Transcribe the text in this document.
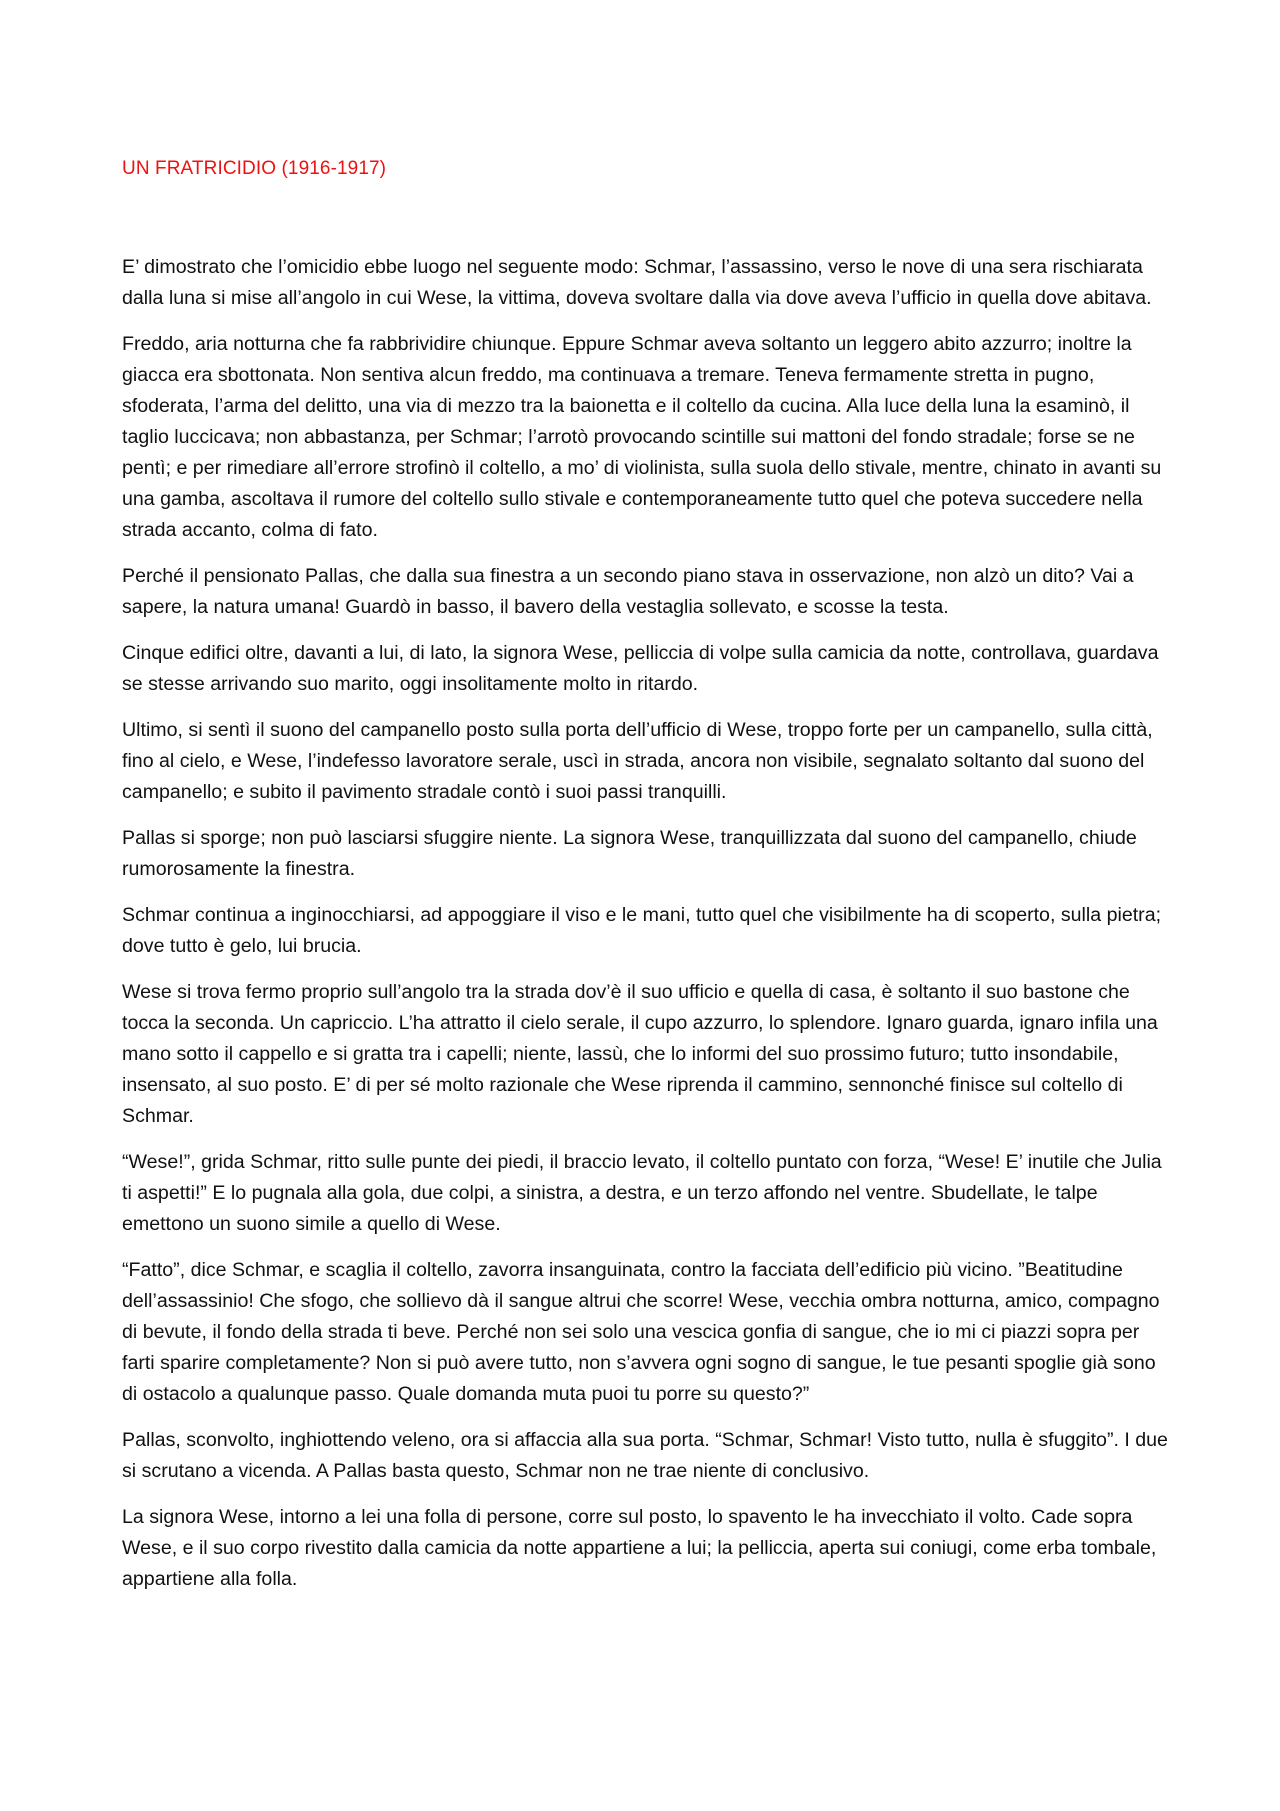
UN FRATRICIDIO (1916-1917)

E’ dimostrato che l’omicidio ebbe luogo nel seguente modo: Schmar, l’assassino, verso le nove di una sera rischiarata dalla luna si mise all’angolo in cui Wese, la vittima, doveva svoltare dalla via dove aveva l’ufficio in quella dove abitava.

Freddo, aria notturna che fa rabbrividire chiunque. Eppure Schmar aveva soltanto un leggero abito azzurro; inoltre la giacca era sbottonata. Non sentiva alcun freddo, ma continuava a tremare. Teneva fermamente stretta in pugno, sfoderata, l’arma del delitto, una via di mezzo tra la baionetta e il coltello da cucina. Alla luce della luna la esaminò, il taglio luccicava; non abbastanza, per Schmar; l’arrotò provocando scintille sui mattoni del fondo stradale; forse se ne pentì; e per rimediare all’errore strofinò il coltello, a mo’ di violinista, sulla suola dello stivale, mentre, chinato in avanti su una gamba, ascoltava il rumore del coltello sullo stivale e contemporaneamente tutto quel che poteva succedere nella strada accanto, colma di fato.

Perché il pensionato Pallas, che dalla sua finestra a un secondo piano stava in osservazione, non alzò un dito? Vai a sapere, la natura umana! Guardò in basso, il bavero della vestaglia sollevato, e scosse la testa.

Cinque edifici oltre, davanti a lui, di lato, la signora Wese, pelliccia di volpe sulla camicia da notte, controllava, guardava se stesse arrivando suo marito, oggi insolitamente molto in ritardo.

Ultimo, si sentì il suono del campanello posto sulla porta dell’ufficio di Wese, troppo forte per un campanello, sulla città, fino al cielo, e Wese, l’indefesso lavoratore serale, uscì in strada, ancora non visibile, segnalato soltanto dal suono del campanello; e subito il pavimento stradale contò i suoi passi tranquilli.

Pallas si sporge; non può lasciarsi sfuggire niente. La signora Wese, tranquillizzata dal suono del campanello, chiude rumorosamente la finestra.

Schmar continua a inginocchiarsi, ad appoggiare il viso e le mani, tutto quel che visibilmente ha di scoperto, sulla pietra; dove tutto è gelo, lui brucia.

Wese si trova fermo proprio sull’angolo tra la strada dov’è il suo ufficio e quella di casa, è soltanto il suo bastone che tocca la seconda. Un capriccio. L’ha attratto il cielo serale, il cupo azzurro, lo splendore. Ignaro guarda, ignaro infila una mano sotto il cappello e si gratta tra i capelli; niente, lassù, che lo informi del suo prossimo futuro; tutto insondabile, insensato, al suo posto. E’ di per sé molto razionale che Wese riprenda il cammino, sennonché finisce sul coltello di Schmar.

“Wese!”, grida Schmar, ritto sulle punte dei piedi, il braccio levato, il coltello puntato con forza, “Wese! E’ inutile che Julia ti aspetti!” E lo pugnala alla gola, due colpi, a sinistra, a destra, e un terzo affondo nel ventre. Sbudellate, le talpe emettono un suono simile a quello di Wese.

“Fatto”, dice Schmar, e scaglia il coltello, zavorra insanguinata, contro la facciata dell’edificio più vicino. ”Beatitudine dell’assassinio! Che sfogo, che sollievo dà il sangue altrui che scorre! Wese, vecchia ombra notturna, amico, compagno di bevute, il fondo della strada ti beve. Perché non sei solo una vescica gonfia di sangue, che io mi ci piazzi sopra per farti sparire completamente? Non si può avere tutto, non s’avvera ogni sogno di sangue, le tue pesanti spoglie già sono di ostacolo a qualunque passo. Quale domanda muta puoi tu porre su questo?”

Pallas, sconvolto, inghiottendo veleno, ora si affaccia alla sua porta. “Schmar, Schmar! Visto tutto, nulla è sfuggito”. I due si scrutano a vicenda. A Pallas basta questo, Schmar non ne trae niente di conclusivo.

La signora Wese, intorno a lei una folla di persone, corre sul posto, lo spavento le ha invecchiato il volto. Cade sopra Wese, e il suo corpo rivestito dalla camicia da notte appartiene a lui; la pelliccia, aperta sui coniugi, come erba tombale, appartiene alla folla.
